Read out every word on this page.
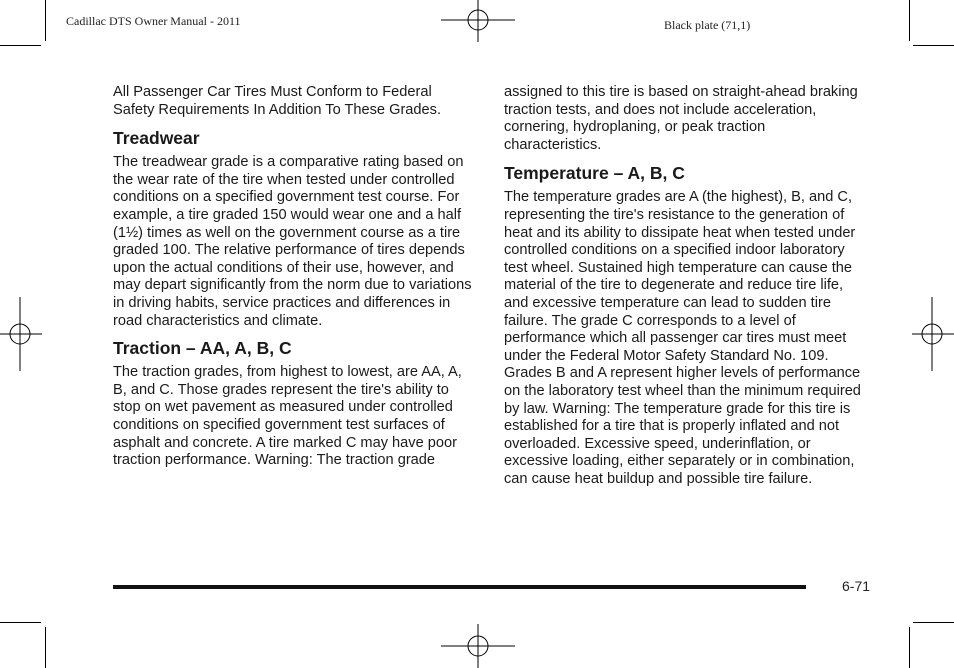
Cadillac DTS Owner Manual - 2011	Black plate (71,1)

All Passenger Car Tires Must Conform to Federal Safety Requirements In Addition To These Grades.

Treadwear

The treadwear grade is a comparative rating based on the wear rate of the tire when tested under controlled conditions on a specified government test course. For example, a tire graded 150 would wear one and a half (1½) times as well on the government course as a tire graded 100. The relative performance of tires depends upon the actual conditions of their use, however, and may depart significantly from the norm due to variations in driving habits, service practices and differences in road characteristics and climate.

Traction – AA, A, B, C

The traction grades, from highest to lowest, are AA, A, B, and C. Those grades represent the tire's ability to stop on wet pavement as measured under controlled conditions on specified government test surfaces of asphalt and concrete. A tire marked C may have poor traction performance. Warning: The traction grade

assigned to this tire is based on straight-ahead braking traction tests, and does not include acceleration, cornering, hydroplaning, or peak traction characteristics.

Temperature – A, B, C

The temperature grades are A (the highest), B, and C, representing the tire's resistance to the generation of heat and its ability to dissipate heat when tested under controlled conditions on a specified indoor laboratory test wheel. Sustained high temperature can cause the material of the tire to degenerate and reduce tire life, and excessive temperature can lead to sudden tire failure. The grade C corresponds to a level of performance which all passenger car tires must meet under the Federal Motor Safety Standard No. 109. Grades B and A represent higher levels of performance on the laboratory test wheel than the minimum required by law. Warning: The temperature grade for this tire is established for a tire that is properly inflated and not overloaded. Excessive speed, underinflation, or excessive loading, either separately or in combination, can cause heat buildup and possible tire failure.

6-71
